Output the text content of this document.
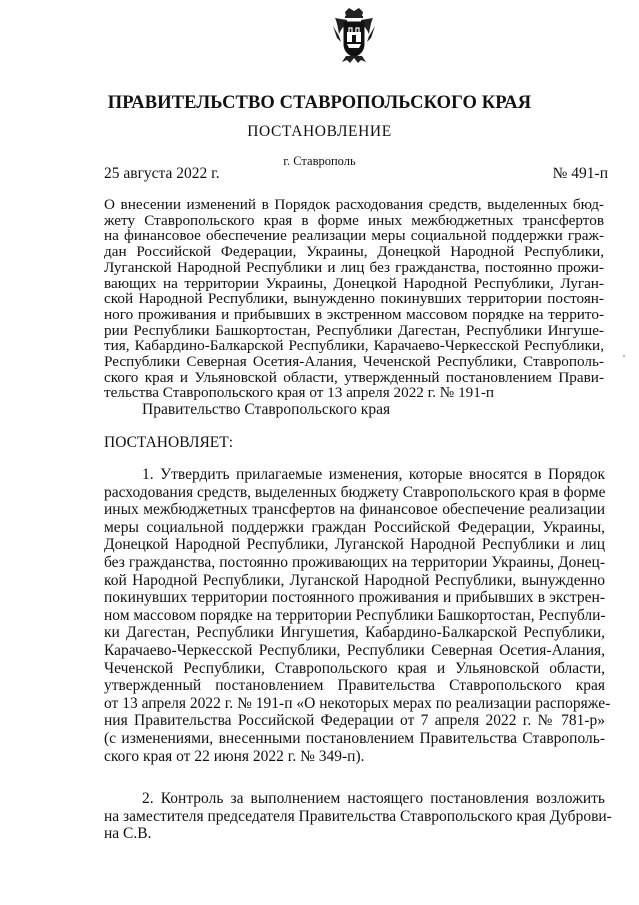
ПРАВИТЕЛЬСТВО СТАВРОПОЛЬСКОГО КРАЯ
ПОСТАНОВЛЕНИЕ
г. Ставрополь
25 августа 2022 г.	№ 491-п
О внесении изменений в Порядок расходования средств, выделенных бюд-
жету Ставропольского края в форме иных межбюджетных трансфертов
на финансовое обеспечение реализации меры социальной поддержки граж-
дан Российской Федерации, Украины, Донецкой Народной Республики,
Луганской Народной Республики и лиц без гражданства, постоянно прожи-
вающих на территории Украины, Донецкой Народной Республики, Луган-
ской Народной Республики, вынужденно покинувших территории постоян-
ного проживания и прибывших в экстренном массовом порядке на террито-
рии Республики Башкортостан, Республики Дагестан, Республики Ингуше-
тия, Кабардино-Балкарской Республики, Карачаево-Черкесской Республики,
Республики Северная Осетия-Алания, Чеченской Республики, Ставрополь-
ского края и Ульяновской области, утвержденный постановлением Прави-
тельства Ставропольского края от 13 апреля 2022 г. № 191-п
Правительство Ставропольского края
ПОСТАНОВЛЯЕТ:
1. Утвердить прилагаемые изменения, которые вносятся в Порядок
расходования средств, выделенных бюджету Ставропольского края в форме
иных межбюджетных трансфертов на финансовое обеспечение реализации
меры социальной поддержки граждан Российской Федерации, Украины,
Донецкой Народной Республики, Луганской Народной Республики и лиц
без гражданства, постоянно проживающих на территории Украины, Донец-
кой Народной Республики, Луганской Народной Республики, вынужденно
покинувших территории постоянного проживания и прибывших в экстрен-
ном массовом порядке на территории Республики Башкортостан, Республи-
ки Дагестан, Республики Ингушетия, Кабардино-Балкарской Республики,
Карачаево-Черкесской Республики, Республики Северная Осетия-Алания,
Чеченской Республики, Ставропольского края и Ульяновской области,
утвержденный постановлением Правительства Ставропольского края
от 13 апреля 2022 г. № 191-п «О некоторых мерах по реализации распоряже-
ния Правительства Российской Федерации от 7 апреля 2022 г. № 781-р»
(с изменениями, внесенными постановлением Правительства Ставрополь-
ского края от 22 июня 2022 г. № 349-п).
2. Контроль за выполнением настоящего постановления возложить
на заместителя председателя Правительства Ставропольского края Дуброви-
на С.В.
